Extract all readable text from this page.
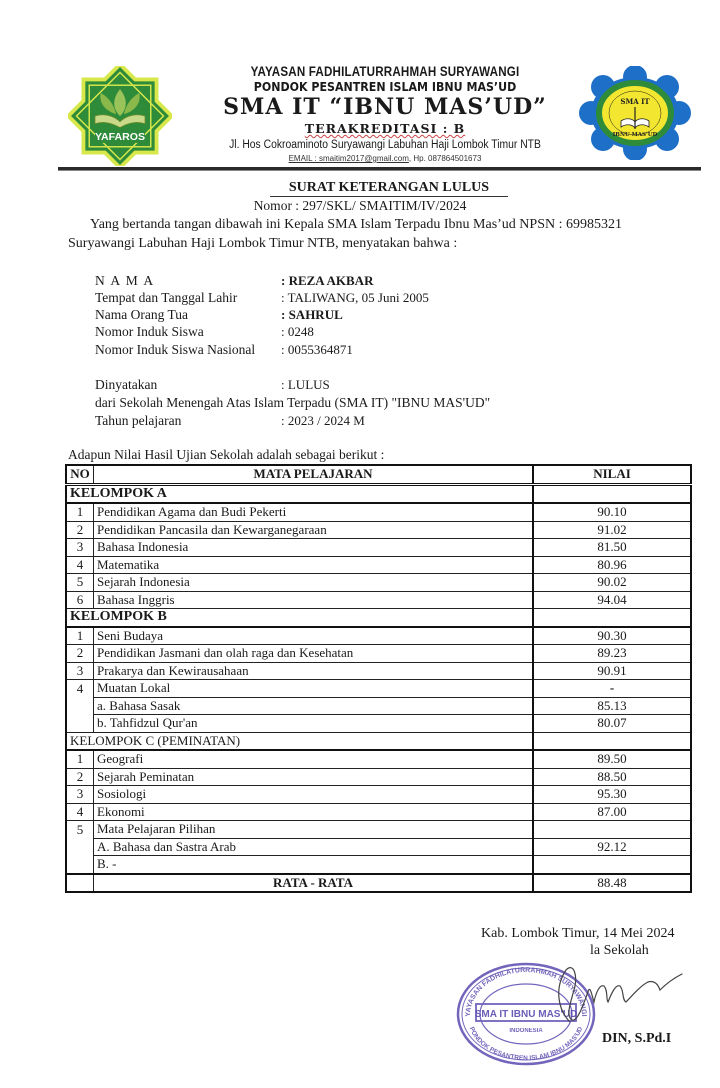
YAFAROS
SMA IT
IBNU MAS'UD
YAYASAN FADHILATURRAHMAH SURYAWANGI
PONDOK PESANTREN ISLAM IBNU MAS’UD
SMA IT “IBNU MAS’UD”
TERAKREDITASI : B
Jl. Hos Cokroaminoto Suryawangi Labuhan Haji Lombok Timur NTB
EMAIL : smaitim2017@gmail.com, Hp. 087864501673
SURAT KETERANGAN LULUS
Nomor : 297/SKL/ SMAITIM/IV/2024
Yang bertanda tangan dibawah ini Kepala SMA Islam Terpadu Ibnu Mas’ud NPSN : 69985321
Suryawangi Labuhan Haji Lombok Timur NTB, menyatakan bahwa :
N A M A	: REZA AKBAR
Tempat dan Tanggal Lahir	: TALIWANG, 05 Juni 2005
Nama Orang Tua	: SAHRUL
Nomor Induk Siswa	: 0248
Nomor Induk Siswa Nasional : 0055364871
Dinyatakan	: LULUS
dari Sekolah Menengah Atas Islam Terpadu (SMA IT) "IBNU MAS'UD"
Tahun pelajaran	: 2023 / 2024 M
Adapun Nilai Hasil Ujian Sekolah adalah sebagai berikut :
NO	MATA PELAJARAN	NILAI
KELOMPOK A		
1	Pendidikan Agama dan Budi Pekerti	90.10
2	Pendidikan Pancasila dan Kewarganegaraan	91.02
3	Bahasa Indonesia	81.50
4	Matematika	80.96
5	Sejarah Indonesia	90.02
6	Bahasa Inggris	94.04
KELOMPOK B		
1	Seni Budaya	90.30
2	Pendidikan Jasmani dan olah raga dan Kesehatan	89.23
3	Prakarya dan Kewirausahaan	90.91
4	Muatan Lokal	-
	a. Bahasa Sasak	85.13
	b. Tahfidzul Qur'an	80.07
KELOMPOK C (PEMINATAN)		
1	Geografi	89.50
2	Sejarah Peminatan	88.50
3	Sosiologi	95.30
4	Ekonomi	87.00
5	Mata Pelajaran Pilihan	
	A. Bahasa dan Sastra Arab	92.12
	B. -	
	RATA - RATA	88.48
Kab. Lombok Timur, 14 Mei 2024
la Sekolah
YAYASAN FADHILATURRAHMAH SURYAWANGI
PONDOK PESANTREN ISLAM IBNU MAS'UD
SMA IT IBNU MAS'UD
INDONESIA	DIN, S.Pd.I
